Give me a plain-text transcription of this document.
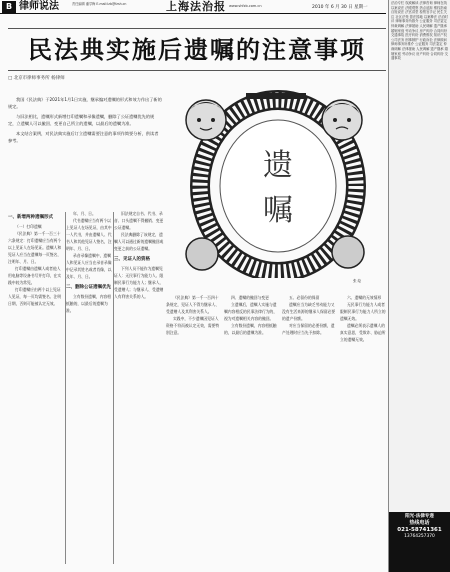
B 律师说法	责任编辑 潘学梅 E-mail:lzb@fzsh.cn	上海法治报 www.shfzb.com.cn	2010 年 6 月 30 日 星期一
民法典实施后遗嘱的注意事项
□ 北京市律师事务所 杨律师

我国《民法典》于2021年1月1日实施，继承编对遗嘱的形式和效力作出了新的规定。

与旧法相比，遗嘱形式新增打印遗嘱和录像遗嘱，删除了公证遗嘱优先的规定，立遗嘱人可以撤回、变更自己所立的遗嘱，以最后的遗嘱为准。

本文结合案例，对民法典实施后订立遗嘱需要注意的事项作简要分析，供读者参考。

遗
嘱
张 绘

一、新增两种遗嘱形式

（一）打印遗嘱

《民法典》第一千一百三十六条规定：打印遗嘱应当有两个以上见证人在场见证。遗嘱人和见证人应当在遗嘱每一页签名，注明年、月、日。

打印遗嘱由遗嘱人或者他人用电脑等设备书写并打印，在实践中较为常见。

打印遗嘱应由两个以上见证人见证，每一页均需签名、注明日期，否则可能被认定无效。

年、月、日。

代书遗嘱应当有两个以上见证人在场见证，由其中一人代书，并由遗嘱人、代书人和其他见证人签名，注明年、月、日。

录音录像遗嘱中，遗嘱人和见证人应当在录音录像中记录其姓名或者肖像，以及年、月、日。

二、删除公证遗嘱优先

立有数份遗嘱，内容相抵触的，以最后的遗嘱为准。

旧法规定自书、代书、录音、口头遗嘱不得撤销、变更公证遗嘱。

民法典删除了该规定，遗嘱人可以通过新的遗嘱撤回或变更之前的公证遗嘱。

三、见证人的资格

下列人员不能作为遗嘱见证人：无民事行为能力人、限制民事行为能力人；继承人、受遗赠人；与继承人、受遗赠人有利害关系的人。	《民法典》第一千一百四十条规定，见证人不得为继承人、受遗赠人及其利害关系人。

实践中，不少遗嘱因见证人资格不符而被认定无效，需要特别注意。

四、遗嘱的撤回与变更

立遗嘱后，遗嘱人实施与遗嘱内容相反的民事法律行为的，视为对遗嘱相关内容的撤回。

立有数份遗嘱，内容相抵触的，以最后的遗嘱为准。

五、必留份的保留

遗嘱应当为缺乏劳动能力又没有生活来源的继承人保留必要的遗产份额。

对应当保留的必要份额，遗产处理时应当先予扣除。

六、遗嘱的无效情形

无民事行为能力人或者限制民事行为能力人所立的遗嘱无效。

遗嘱必须表示遗嘱人的真实意思，受欺诈、胁迫所立的遗嘱无效。

法治专栏 权威解读 法律咨询 律师在线 以案说法 法眼观察 热点追踪 维权指南 百姓说法 法官讲堂 检察官手记 民生关注 社区法苑 普法园地 以案释法 法治时评 律师事务所推介 公证服务 司法鉴定 仲裁调解 法律援助 人民调解 遗产继承 婚姻家庭 劳动争议 房产纠纷 合同纠纷 交通事故 医疗纠纷 消费维权 知识产权 公司法务 刑事辩护 行政诉讼 法律顾问 律师事务所推介 公证服务 司法鉴定 仲裁调解 法律援助 人民调解 遗产继承 婚姻家庭 劳动争议 房产纠纷 合同纠纷 交通事故
阳光·法律专递
热线电话
021-58741361
13764257370
